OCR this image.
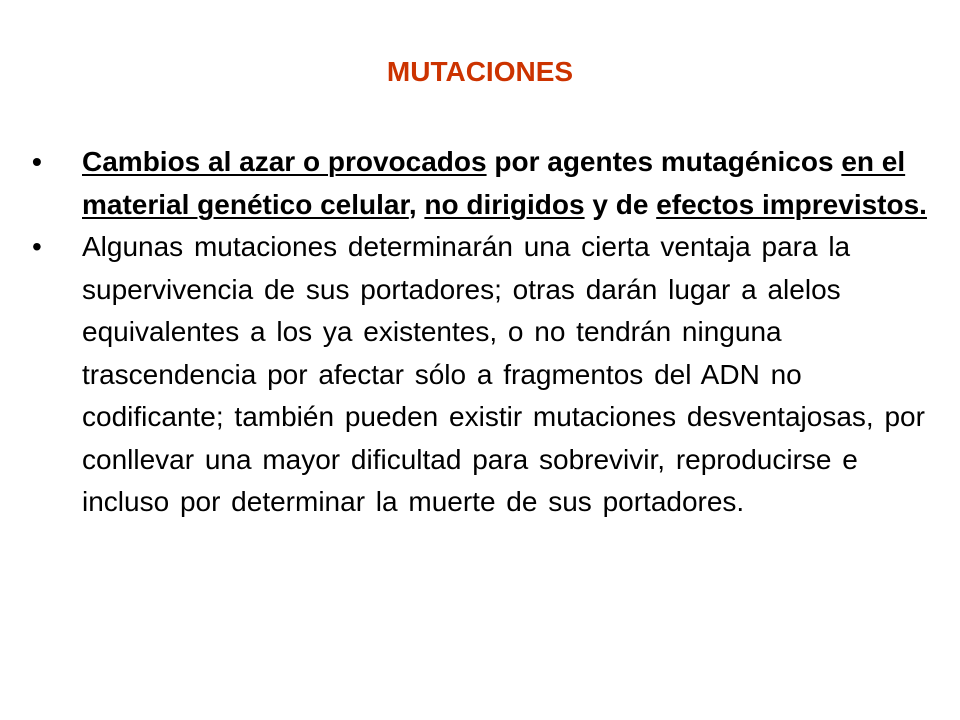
MUTACIONES
• Cambios al azar o provocados por agentes mutagénicos en el material genético celular, no dirigidos y de efectos imprevistos.
• Algunas mutaciones determinarán una cierta ventaja para la supervivencia de sus portadores; otras darán lugar a alelos equivalentes a los ya existentes, o no tendrán ninguna trascendencia por afectar sólo a fragmentos del ADN no codificante; también pueden existir mutaciones desventajosas, por conllevar una mayor dificultad para sobrevivir, reproducirse e incluso por determinar la muerte de sus portadores.
